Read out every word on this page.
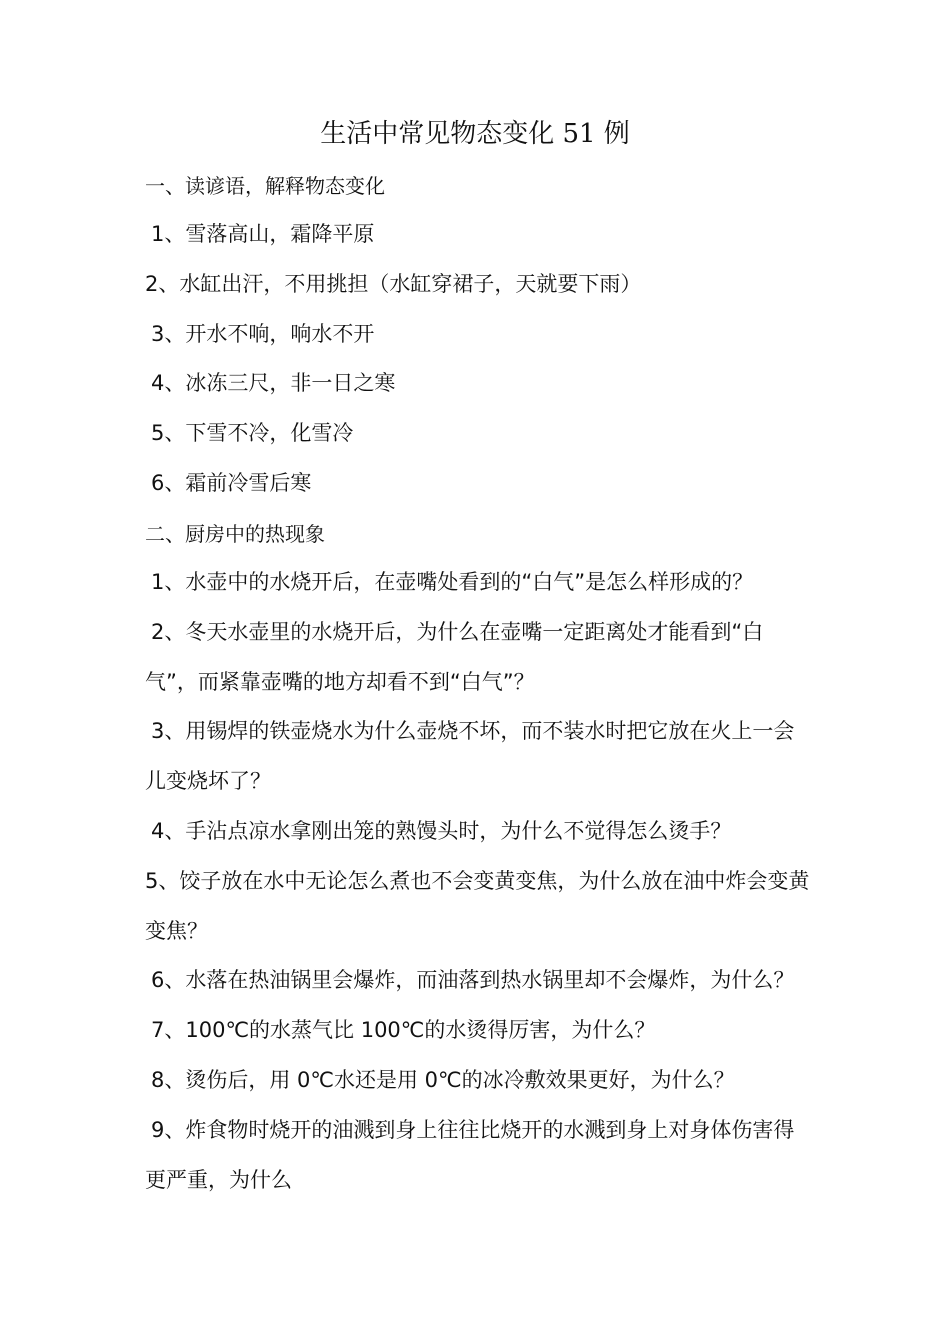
生活中常见物态变化 51 例
一、读谚语，解释物态变化

1、雪落高山，霜降平原

2、水缸出汗，不用挑担（水缸穿裙子，天就要下雨）

3、开水不响，响水不开

4、冰冻三尺，非一日之寒

5、下雪不冷，化雪冷

6、霜前冷雪后寒

二、厨房中的热现象

1、水壶中的水烧开后，在壶嘴处看到的“白气”是怎么样形成的？

2、冬天水壶里的水烧开后，为什么在壶嘴一定距离处才能看到“白气”，而紧靠壶嘴的地方却看不到“白气”？

3、用锡焊的铁壶烧水为什么壶烧不坏，而不装水时把它放在火上一会儿变烧坏了？

4、手沾点凉水拿刚出笼的熟馒头时，为什么不觉得怎么烫手？

5、饺子放在水中无论怎么煮也不会变黄变焦，为什么放在油中炸会变黄变焦？

6、水落在热油锅里会爆炸，而油落到热水锅里却不会爆炸，为什么？

7、100℃的水蒸气比 100℃的水烫得厉害，为什么？

8、烫伤后，用 0℃水还是用 0℃的冰冷敷效果更好，为什么？

9、炸食物时烧开的油溅到身上往往比烧开的水溅到身上对身体伤害得更严重，为什么
